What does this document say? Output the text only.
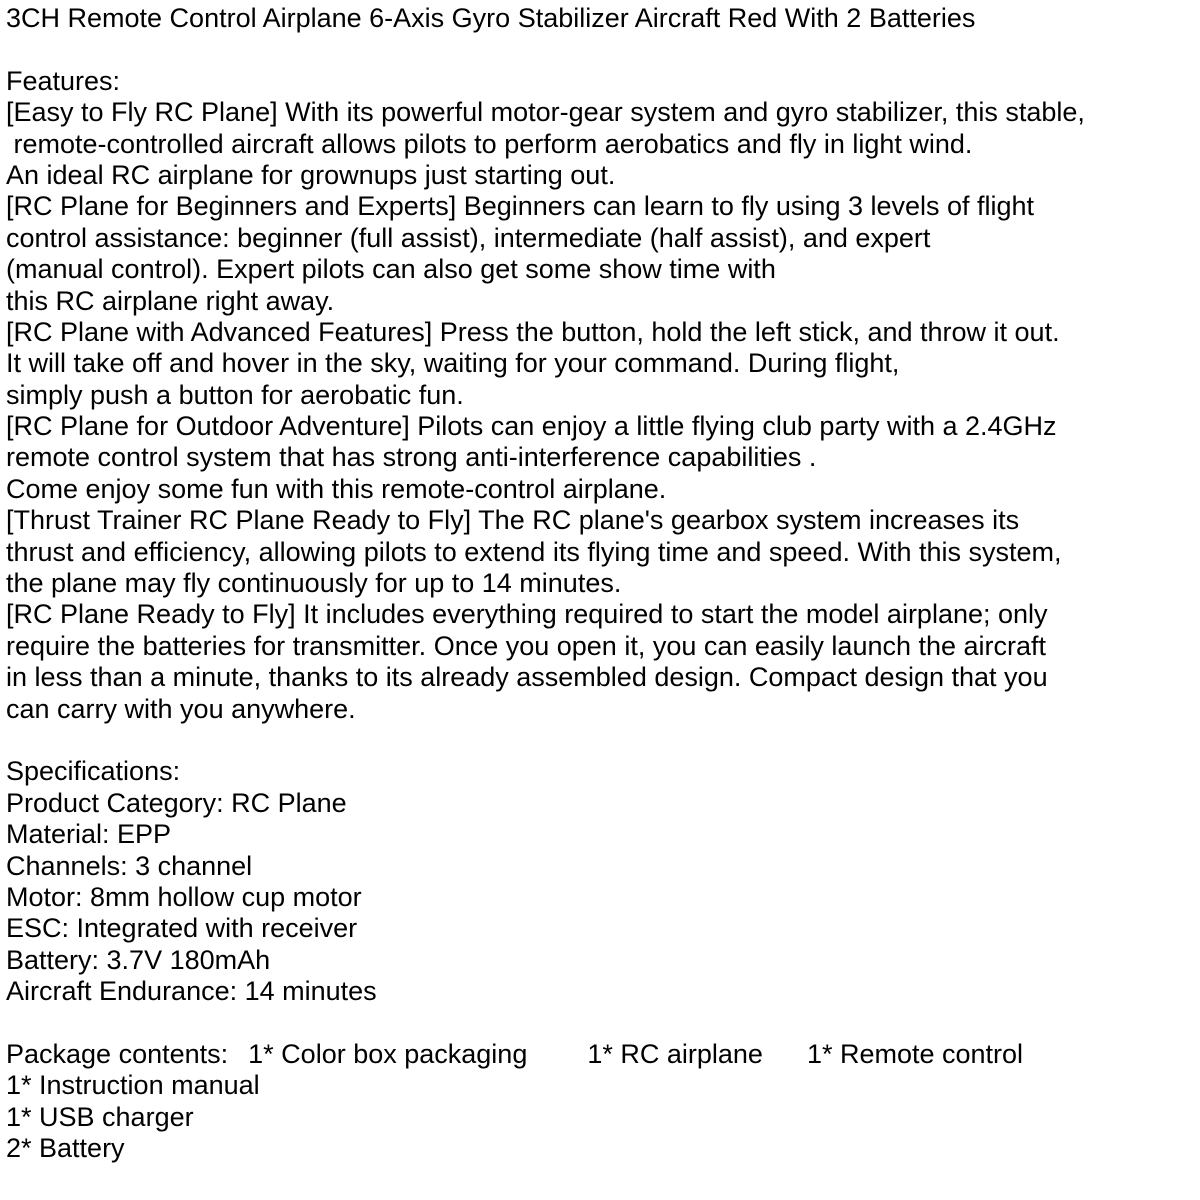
3CH Remote Control Airplane 6-Axis Gyro Stabilizer Aircraft Red With 2 Batteries
Features:
[Easy to Fly RC Plane] With its powerful motor-gear system and gyro stabilizer, this stable,
remote-controlled aircraft allows pilots to perform aerobatics and fly in light wind.
An ideal RC airplane for grownups just starting out.
[RC Plane for Beginners and Experts] Beginners can learn to fly using 3 levels of flight
control assistance: beginner (full assist), intermediate (half assist), and expert
(manual control). Expert pilots can also get some show time with
this RC airplane right away.
[RC Plane with Advanced Features] Press the button, hold the left stick, and throw it out.
It will take off and hover in the sky, waiting for your command. During flight,
simply push a button for aerobatic fun.
[RC Plane for Outdoor Adventure] Pilots can enjoy a little flying club party with a 2.4GHz
remote control system that has strong anti-interference capabilities .
Come enjoy some fun with this remote-control airplane.
[Thrust Trainer RC Plane Ready to Fly] The RC plane's gearbox system increases its
thrust and efficiency, allowing pilots to extend its flying time and speed. With this system,
the plane may fly continuously for up to 14 minutes.
[RC Plane Ready to Fly] It includes everything required to start the model airplane; only
require the batteries for transmitter. Once you open it, you can easily launch the aircraft
in less than a minute, thanks to its already assembled design. Compact design that you
can carry with you anywhere.
Specifications:
Product Category: RC Plane
Material: EPP
Channels: 3 channel
Motor: 8mm hollow cup motor
ESC: Integrated with receiver
Battery: 3.7V 180mAh
Aircraft Endurance: 14 minutes
Package contents: 1* Color box packaging 1* RC airplane 1* Remote control
1* Instruction manual
1* USB charger
2* Battery
